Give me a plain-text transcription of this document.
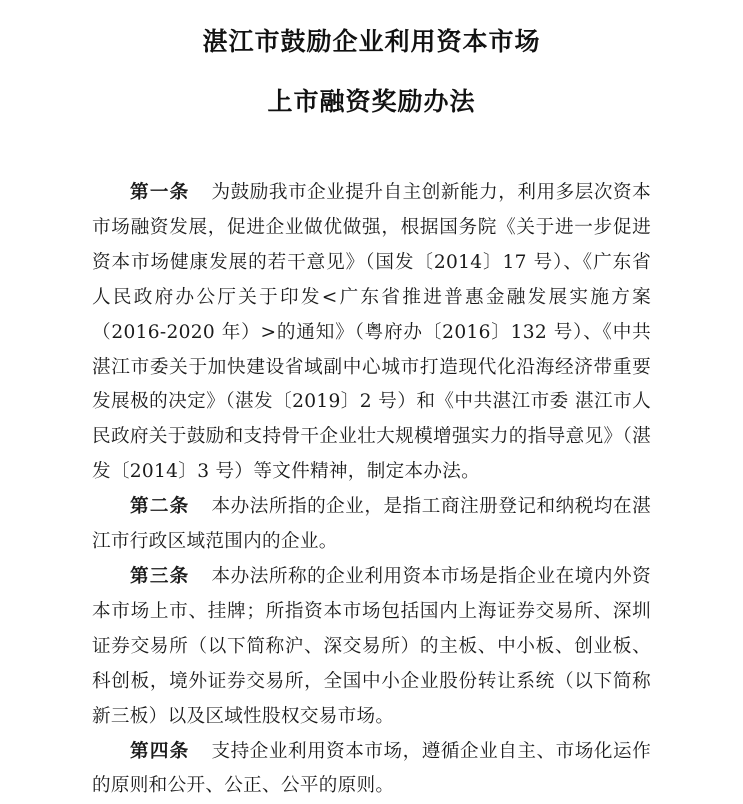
湛江市鼓励企业利用资本市场
上市融资奖励办法

第一条 为鼓励我市企业提升自主创新能力，利用多层次资本市场融资发展，促进企业做优做强，根据国务院《关于进一步促进资本市场健康发展的若干意见》（国发〔2014〕17 号）、《广东省人民政府办公厅关于印发<广东省推进普惠金融发展实施方案（2016-2020 年）>的通知》（粤府办〔2016〕132 号）、《中共湛江市委关于加快建设省域副中心城市打造现代化沿海经济带重要发展极的决定》（湛发〔2019〕2 号）和《中共湛江市委 湛江市人民政府关于鼓励和支持骨干企业壮大规模增强实力的指导意见》（湛发〔2014〕3 号）等文件精神，制定本办法。

第二条 本办法所指的企业，是指工商注册登记和纳税均在湛江市行政区域范围内的企业。

第三条 本办法所称的企业利用资本市场是指企业在境内外资本市场上市、挂牌；所指资本市场包括国内上海证券交易所、深圳证券交易所（以下简称沪、深交易所）的主板、中小板、创业板、科创板，境外证券交易所，全国中小企业股份转让系统（以下简称新三板）以及区域性股权交易市场。

第四条 支持企业利用资本市场，遵循企业自主、市场化运作的原则和公开、公正、公平的原则。
